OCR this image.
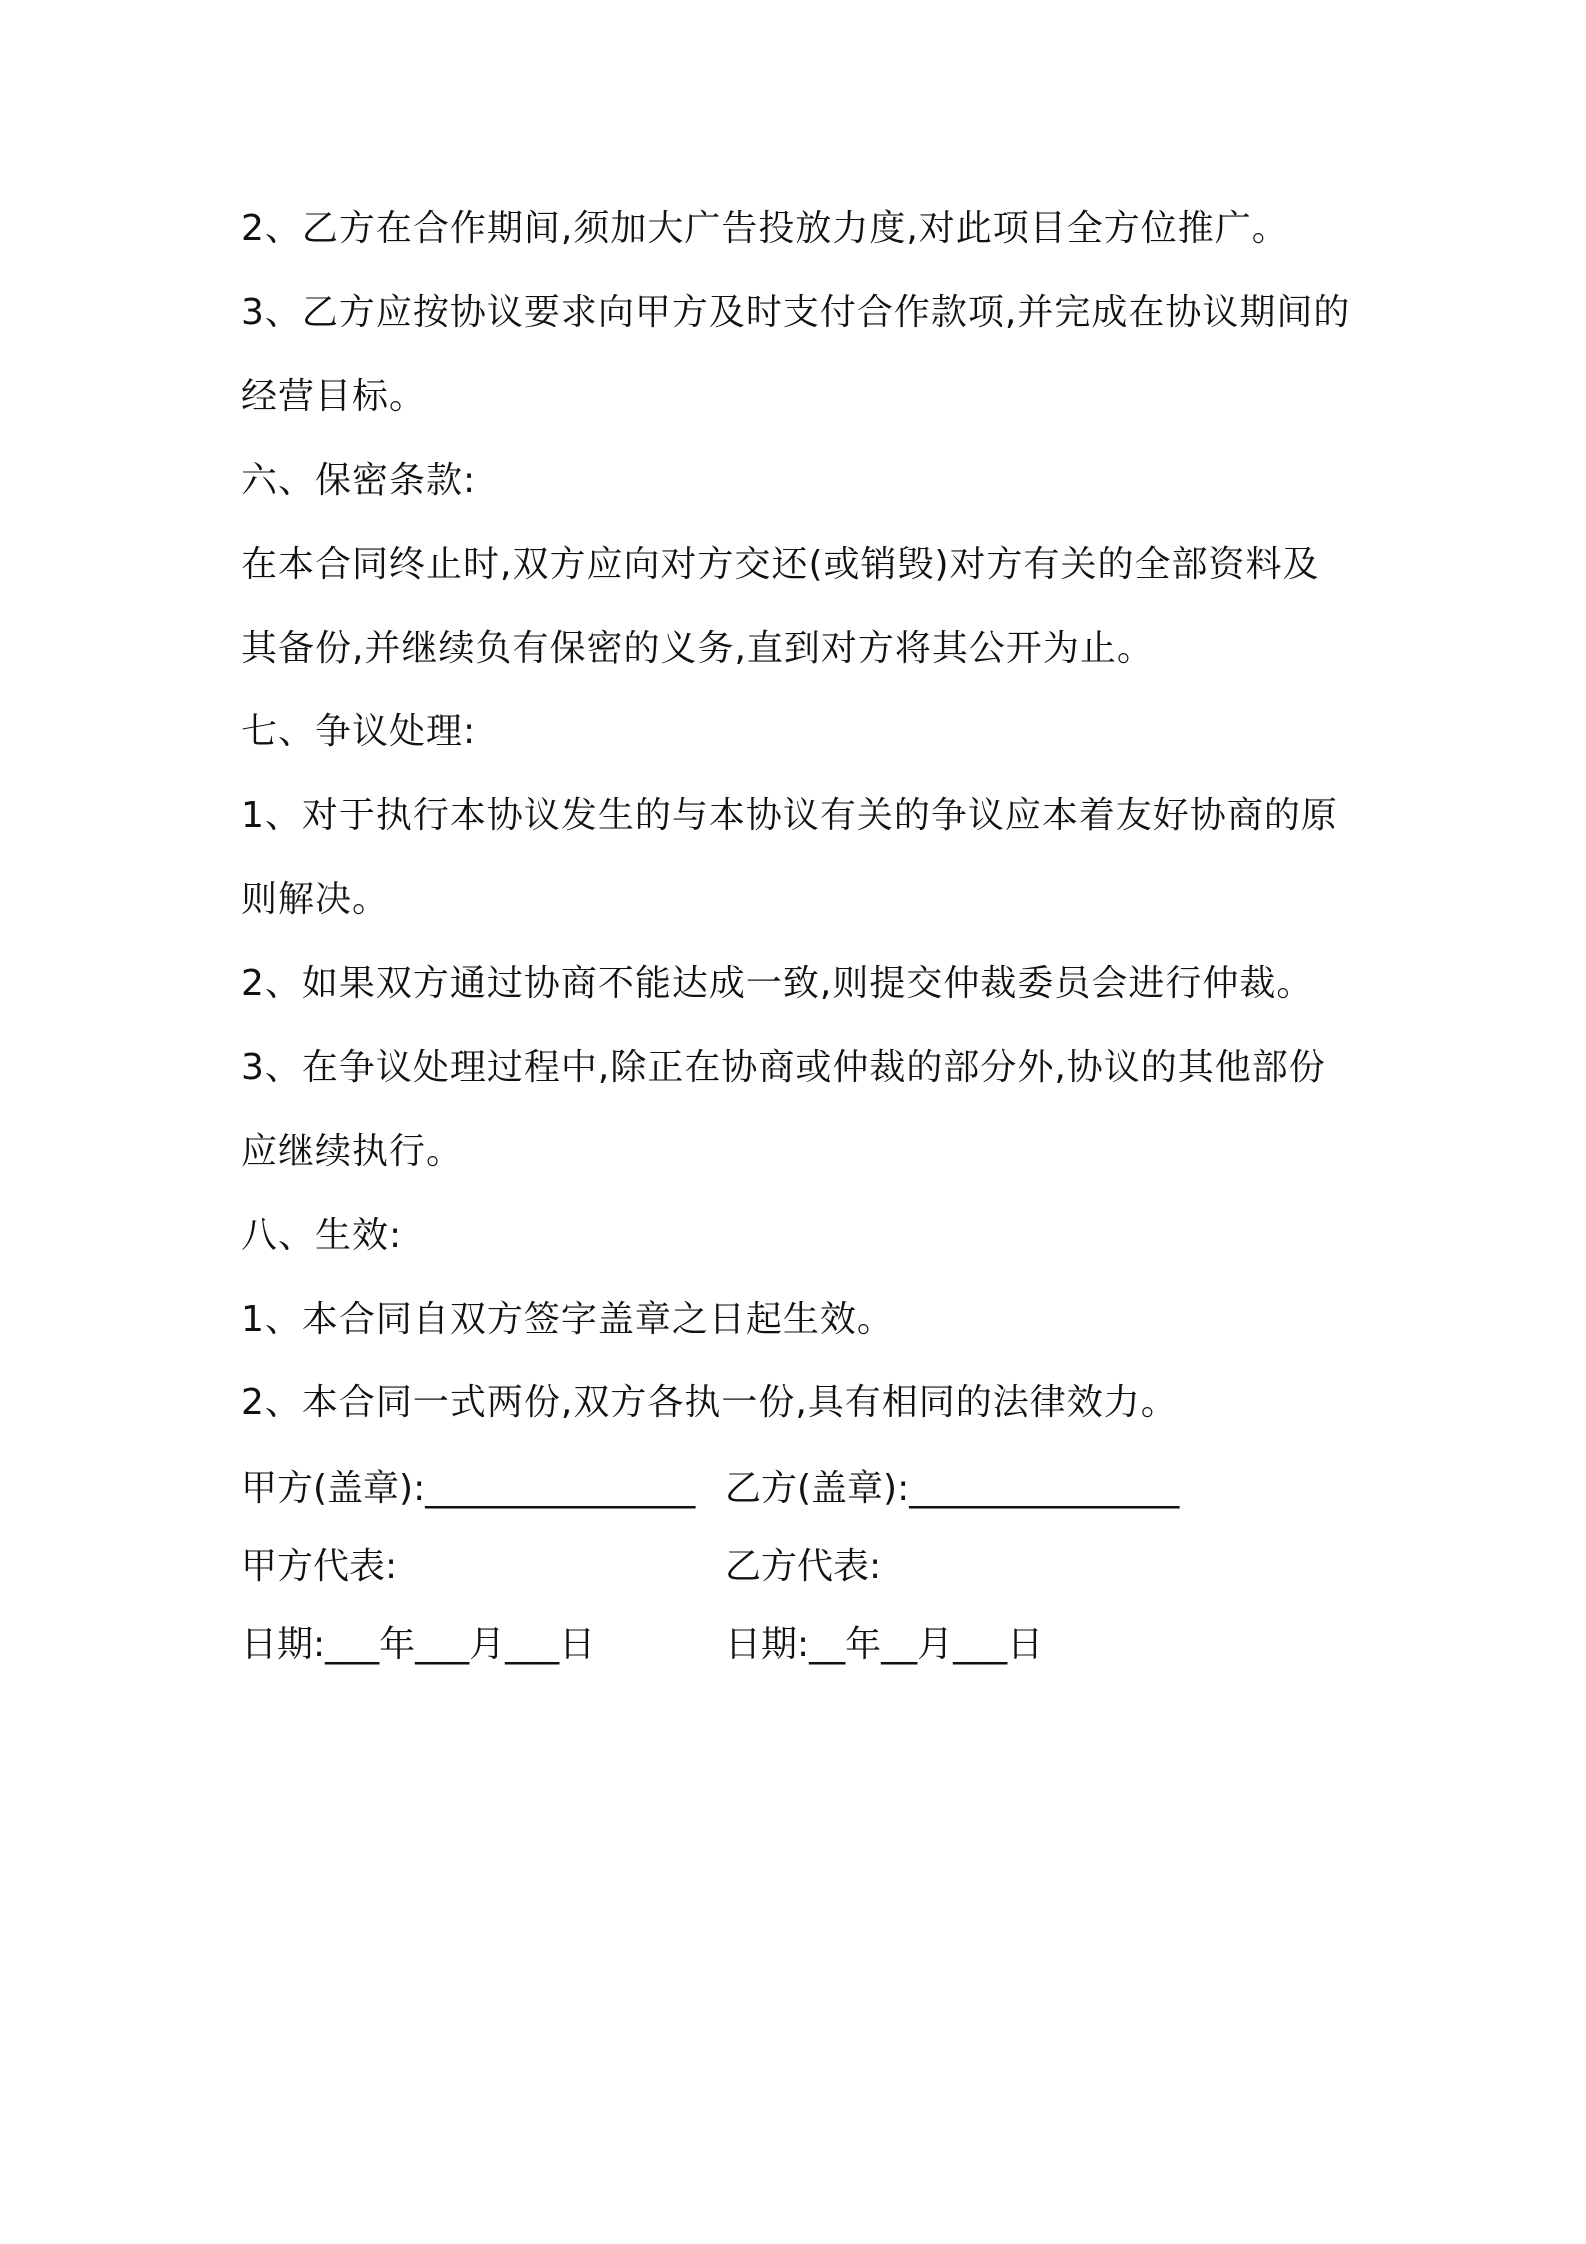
2、乙方在合作期间,须加大广告投放力度,对此项目全方位推广。
3、乙方应按协议要求向甲方及时支付合作款项,并完成在协议期间的
经营目标。
六、保密条款:
在本合同终止时,双方应向对方交还(或销毁)对方有关的全部资料及
其备份,并继续负有保密的义务,直到对方将其公开为止。
七、争议处理:
1、对于执行本协议发生的与本协议有关的争议应本着友好协商的原
则解决。
2、如果双方通过协商不能达成一致,则提交仲裁委员会进行仲裁。
3、在争议处理过程中,除正在协商或仲裁的部分外,协议的其他部份
应继续执行。
八、生效:
1、本合同自双方签字盖章之日起生效。
2、本合同一式两份,双方各执一份,具有相同的法律效力。
甲方(盖章):_______________ 乙方(盖章):_______________
甲方代表:	乙方代表:
日期:___年___月___日	日期:__年__月___日
